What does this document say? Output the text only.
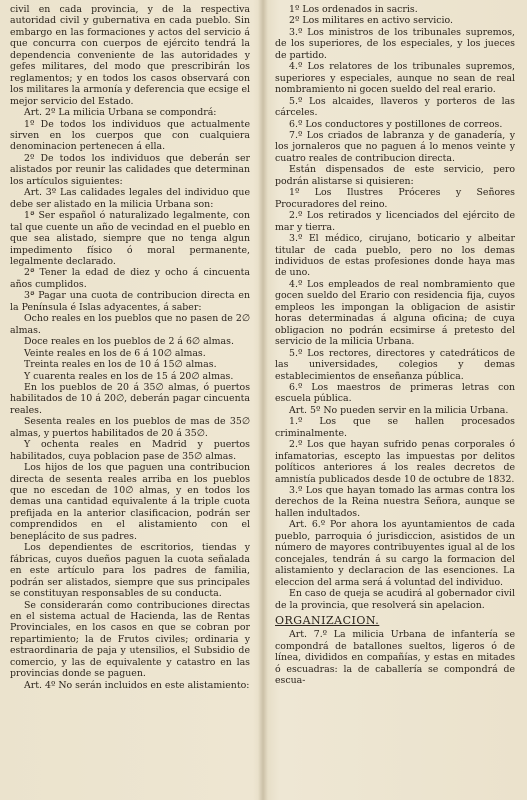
civil en cada provincia, y de la respectiva autoridad civil y gubernativa en cada pueblo. Sin embargo en las formaciones y actos del servicio á que concurra con cuerpos de ejército tendrá la dependencia conveniente de las autoridades y gefes militares, del modo que prescribirán los reglamentos; y en todos los casos observará con los militares la armonía y deferencia que ecsige el mejor servicio del Estado.

Art. 2º La milicia Urbana se compondrá:

1º De todos los individuos que actualmente sirven en los cuerpos que con cualquiera denominacion pertenecen á ella.

2º De todos los individuos que deberán ser alistados por reunir las calidades que determinan los artículos siguientes:

Art. 3º Las calidades legales del individuo que debe ser alistado en la milicia Urbana son:

1ª Ser español ó naturalizado legalmente, con tal que cuente un año de vecindad en el pueblo en que sea alistado, siempre que no tenga algun impedimento físico ó moral permanente, legalmente declarado.

2ª Tener la edad de diez y ocho á cincuenta años cumplidos.

3ª Pagar una cuota de contribucion directa en la Península é Islas adyacentes, á saber:

Ocho reales en los pueblos que no pasen de 2∅ almas.

Doce reales en los pueblos de 2 á 6∅ almas.

Veinte reales en los de 6 á 10∅ almas.

Treinta reales en los de 10 á 15∅ almas.

Y cuarenta reales en los de 15 á 20∅ almas.

En los pueblos de 20 á 35∅ almas, ó puertos habilitados de 10 á 20∅, deberán pagar cincuenta reales.

Sesenta reales en los pueblos de mas de 35∅ almas, y puertos habilitados de 20 á 35∅.

Y ochenta reales en Madrid y puertos habilitados, cuya poblacion pase de 35∅ almas.

Los hijos de los que paguen una contribucion directa de sesenta reales arriba en los pueblos que no escedan de 10∅ almas, y en todos los demas una cantidad equivalente á la triple cuota prefijada en la anterior clasificacion, podrán ser comprendidos en el alistamiento con el beneplácito de sus padres.

Los dependientes de escritorios, tiendas y fábricas, cuyos dueños paguen la cuota señalada en este artículo para los padres de familia, podrán ser alistados, siempre que sus principales se constituyan responsables de su conducta.

Se considerarán como contribuciones directas en el sistema actual de Hacienda, las de Rentas Provinciales, en los casos en que se cobran por repartimiento; la de Frutos civiles; ordinaria y estraordinaria de paja y utensilios, el Subsidio de comercio, y las de equivalente y catastro en las provincias donde se paguen.

Art. 4º No serán incluidos en este alistamiento:

1º Los ordenados in sacris.

2º Los militares en activo servicio.

3.º Los ministros de los tribunales supremos, de los superiores, de los especiales, y los jueces de partido.

4.º Los relatores de los tribunales supremos, superiores y especiales, aunque no sean de real nombramiento ni gocen sueldo del real erario.

5.º Los alcaides, llaveros y porteros de las cárceles.

6.º Los conductores y postillones de correos.

7.º Los criados de labranza y de ganadería, y los jornaleros que no paguen á lo menos veinte y cuatro reales de contribucion directa.

Están dispensados de este servicio, pero podrán alistarse si quisieren:

1º Los Ilustres Próceres y Señores Procuradores del reino.

2.º Los retirados y licenciados del ejército de mar y tierra.

3.º El médico, cirujano, boticario y albeitar titular de cada pueblo, pero no los demas individuos de estas profesiones donde haya mas de uno.

4.º Los empleados de real nombramiento que gocen sueldo del Erario con residencia fija, cuyos empleos les impongan la obligacion de asistir horas determinadas á alguna oficina; de cuya obligacion no podrán ecsimirse á pretesto del servicio de la milicia Urbana.

5.º Los rectores, directores y catedráticos de las universidades, colegios y demas establecimientos de enseñanza pública.

6.º Los maestros de primeras letras con escuela pública.

Art. 5º No pueden servir en la milicia Urbana.

1.º Los que se hallen procesados criminalmente.

2.º Los que hayan sufrido penas corporales ó infamatorias, escepto las impuestas por delitos políticos anteriores á los reales decretos de amnistía publicados desde 10 de octubre de 1832.

3.º Los que hayan tomado las armas contra los derechos de la Reina nuestra Señora, aunque se hallen indultados.

Art. 6.º Por ahora los ayuntamientos de cada pueblo, parroquia ó jurisdiccion, asistidos de un número de mayores contribuyentes igual al de los concejales, tendrán á su cargo la formacion del alistamiento y declaracion de las esenciones. La eleccion del arma será á voluntad del individuo.

En caso de queja se acudirá al gobernador civil de la provincia, que resolverá sin apelacion.

ORGANIZACION.

Art. 7.º La milicia Urbana de infantería se compondrá de batallones sueltos, ligeros ó de línea, divididos en compañías, y estas en mitades ó escuadras: la de caballería se compondrá de escua-
